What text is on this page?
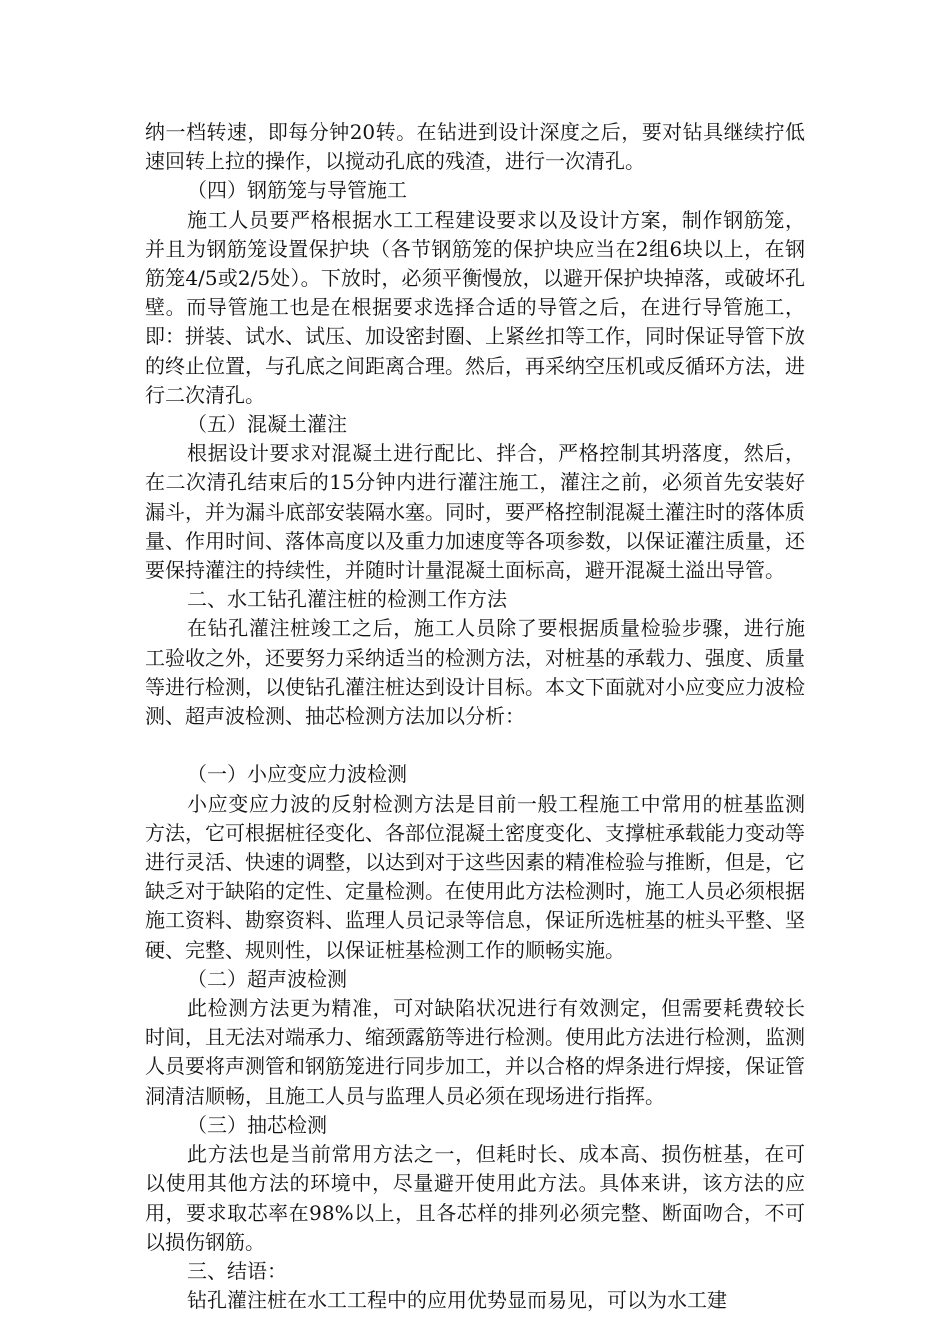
纳一档转速，即每分钟20转。在钻进到设计深度之后，要对钻具继续拧低速回转上拉的操作，以搅动孔底的残渣，进行一次清孔。

（四）钢筋笼与导管施工

施工人员要严格根据水工工程建设要求以及设计方案，制作钢筋笼，并且为钢筋笼设置保护块（各节钢筋笼的保护块应当在2组6块以上，在钢筋笼4/5或2/5处）。下放时，必须平衡慢放，以避开保护块掉落，或破坏孔壁。而导管施工也是在根据要求选择合适的导管之后，在进行导管施工，即：拼装、试水、试压、加设密封圈、上紧丝扣等工作，同时保证导管下放的终止位置，与孔底之间距离合理。然后，再采纳空压机或反循环方法，进行二次清孔。

（五）混凝土灌注

根据设计要求对混凝土进行配比、拌合，严格控制其坍落度，然后，在二次清孔结束后的15分钟内进行灌注施工，灌注之前，必须首先安装好漏斗，并为漏斗底部安装隔水塞。同时，要严格控制混凝土灌注时的落体质量、作用时间、落体高度以及重力加速度等各项参数，以保证灌注质量，还要保持灌注的持续性，并随时计量混凝土面标高，避开混凝土溢出导管。

二、水工钻孔灌注桩的检测工作方法

在钻孔灌注桩竣工之后，施工人员除了要根据质量检验步骤，进行施工验收之外，还要努力采纳适当的检测方法，对桩基的承载力、强度、质量等进行检测，以使钻孔灌注桩达到设计目标。本文下面就对小应变应力波检测、超声波检测、抽芯检测方法加以分析：

（一）小应变应力波检测

小应变应力波的反射检测方法是目前一般工程施工中常用的桩基监测方法，它可根据桩径变化、各部位混凝土密度变化、支撑桩承载能力变动等进行灵活、快速的调整，以达到对于这些因素的精准检验与推断，但是，它缺乏对于缺陷的定性、定量检测。在使用此方法检测时，施工人员必须根据施工资料、勘察资料、监理人员记录等信息，保证所选桩基的桩头平整、坚硬、完整、规则性，以保证桩基检测工作的顺畅实施。

（二）超声波检测

此检测方法更为精准，可对缺陷状况进行有效测定，但需要耗费较长时间，且无法对端承力、缩颈露筋等进行检测。使用此方法进行检测，监测人员要将声测管和钢筋笼进行同步加工，并以合格的焊条进行焊接，保证管洞清洁顺畅，且施工人员与监理人员必须在现场进行指挥。

（三）抽芯检测

此方法也是当前常用方法之一，但耗时长、成本高、损伤桩基，在可以使用其他方法的环境中，尽量避开使用此方法。具体来讲，该方法的应用，要求取芯率在98%以上，且各芯样的排列必须完整、断面吻合，不可以损伤钢筋。

三、结语：

钻孔灌注桩在水工工程中的应用优势显而易见，可以为水工建
